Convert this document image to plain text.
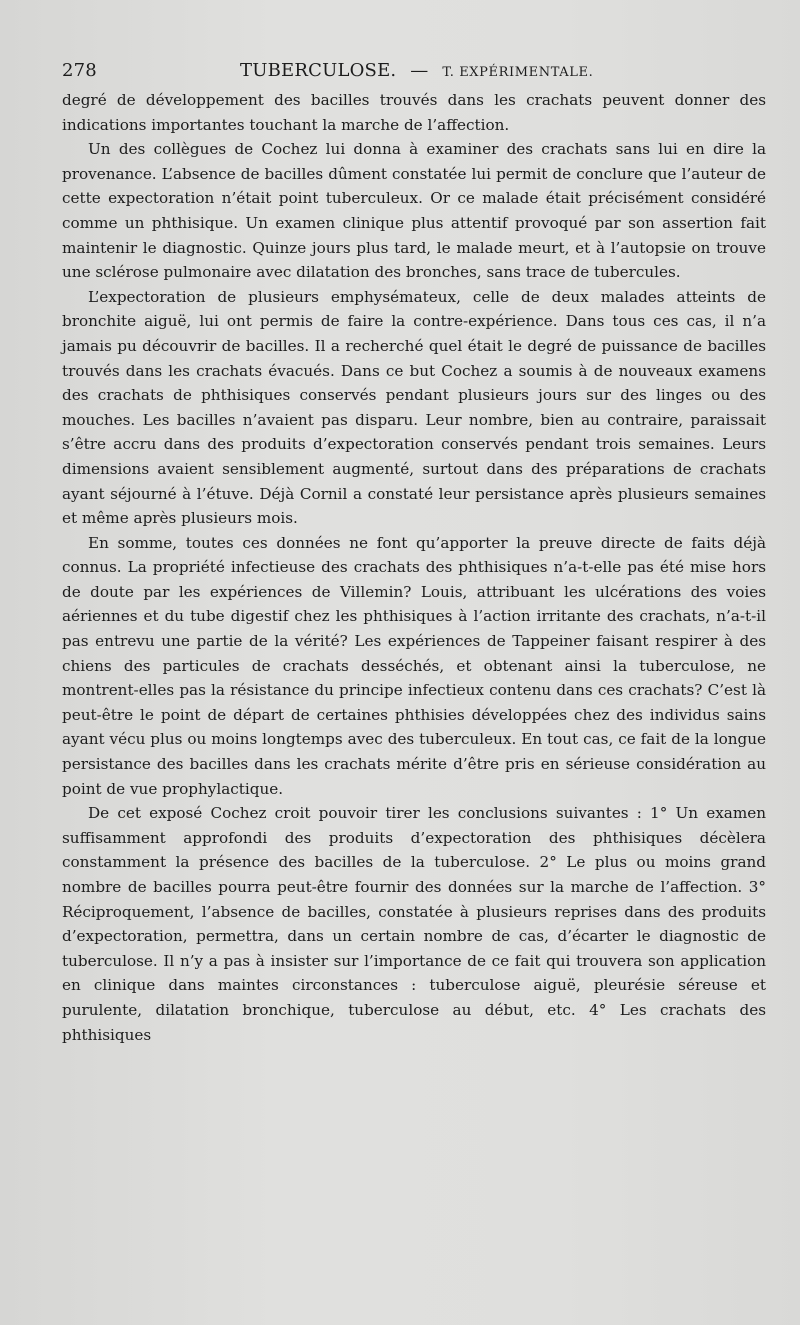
278	TUBERCULOSE. — T. EXPÉRIMENTALE.

degré de développement des bacilles trouvés dans les crachats peuvent donner des indications importantes touchant la marche de l’affection.

Un des collègues de Cochez lui donna à examiner des crachats sans lui en dire la provenance. L’absence de bacilles dûment constatée lui permit de conclure que l’auteur de cette expectoration n’était point tuberculeux. Or ce malade était précisément considéré comme un phthisique. Un examen clinique plus attentif provoqué par son assertion fait maintenir le diagnostic. Quinze jours plus tard, le malade meurt, et à l’autopsie on trouve une sclérose pulmonaire avec dilatation des bronches, sans trace de tubercules.

L’expectoration de plusieurs emphysémateux, celle de deux malades atteints de bronchite aiguë, lui ont permis de faire la contre-expérience. Dans tous ces cas, il n’a jamais pu découvrir de bacilles. Il a recherché quel était le degré de puissance de bacilles trouvés dans les crachats évacués. Dans ce but Cochez a soumis à de nouveaux examens des crachats de phthisiques conservés pendant plusieurs jours sur des linges ou des mouches. Les bacilles n’avaient pas disparu. Leur nombre, bien au contraire, paraissait s’être accru dans des produits d’expectoration conservés pendant trois semaines. Leurs dimensions avaient sensiblement augmenté, surtout dans des préparations de crachats ayant séjourné à l’étuve. Déjà Cornil a constaté leur persistance après plusieurs semaines et même après plusieurs mois.

En somme, toutes ces données ne font qu’apporter la preuve directe de faits déjà connus. La propriété infectieuse des crachats des phthisiques n’a-t-elle pas été mise hors de doute par les expériences de Villemin? Louis, attribuant les ulcérations des voies aériennes et du tube digestif chez les phthisiques à l’action irritante des crachats, n’a-t-il pas entrevu une partie de la vérité? Les expériences de Tappeiner faisant respirer à des chiens des particules de crachats desséchés, et obtenant ainsi la tuberculose, ne montrent-elles pas la résistance du principe infectieux contenu dans ces crachats? C’est là peut-être le point de départ de certaines phthisies développées chez des individus sains ayant vécu plus ou moins longtemps avec des tuberculeux. En tout cas, ce fait de la longue persistance des bacilles dans les crachats mérite d’être pris en sérieuse considération au point de vue prophylactique.

De cet exposé Cochez croit pouvoir tirer les conclusions suivantes : 1° Un examen suffisamment approfondi des produits d’expectoration des phthisiques décèlera constamment la présence des bacilles de la tuberculose. 2° Le plus ou moins grand nombre de bacilles pourra peut-être fournir des données sur la marche de l’affection. 3° Réciproquement, l’absence de bacilles, constatée à plusieurs reprises dans des produits d’expectoration, permettra, dans un certain nombre de cas, d’écarter le diagnostic de tuberculose. Il n’y a pas à insister sur l’importance de ce fait qui trouvera son application en clinique dans maintes circonstances : tuberculose aiguë, pleurésie séreuse et purulente, dilatation bronchique, tuberculose au début, etc. 4° Les crachats des phthisiques
